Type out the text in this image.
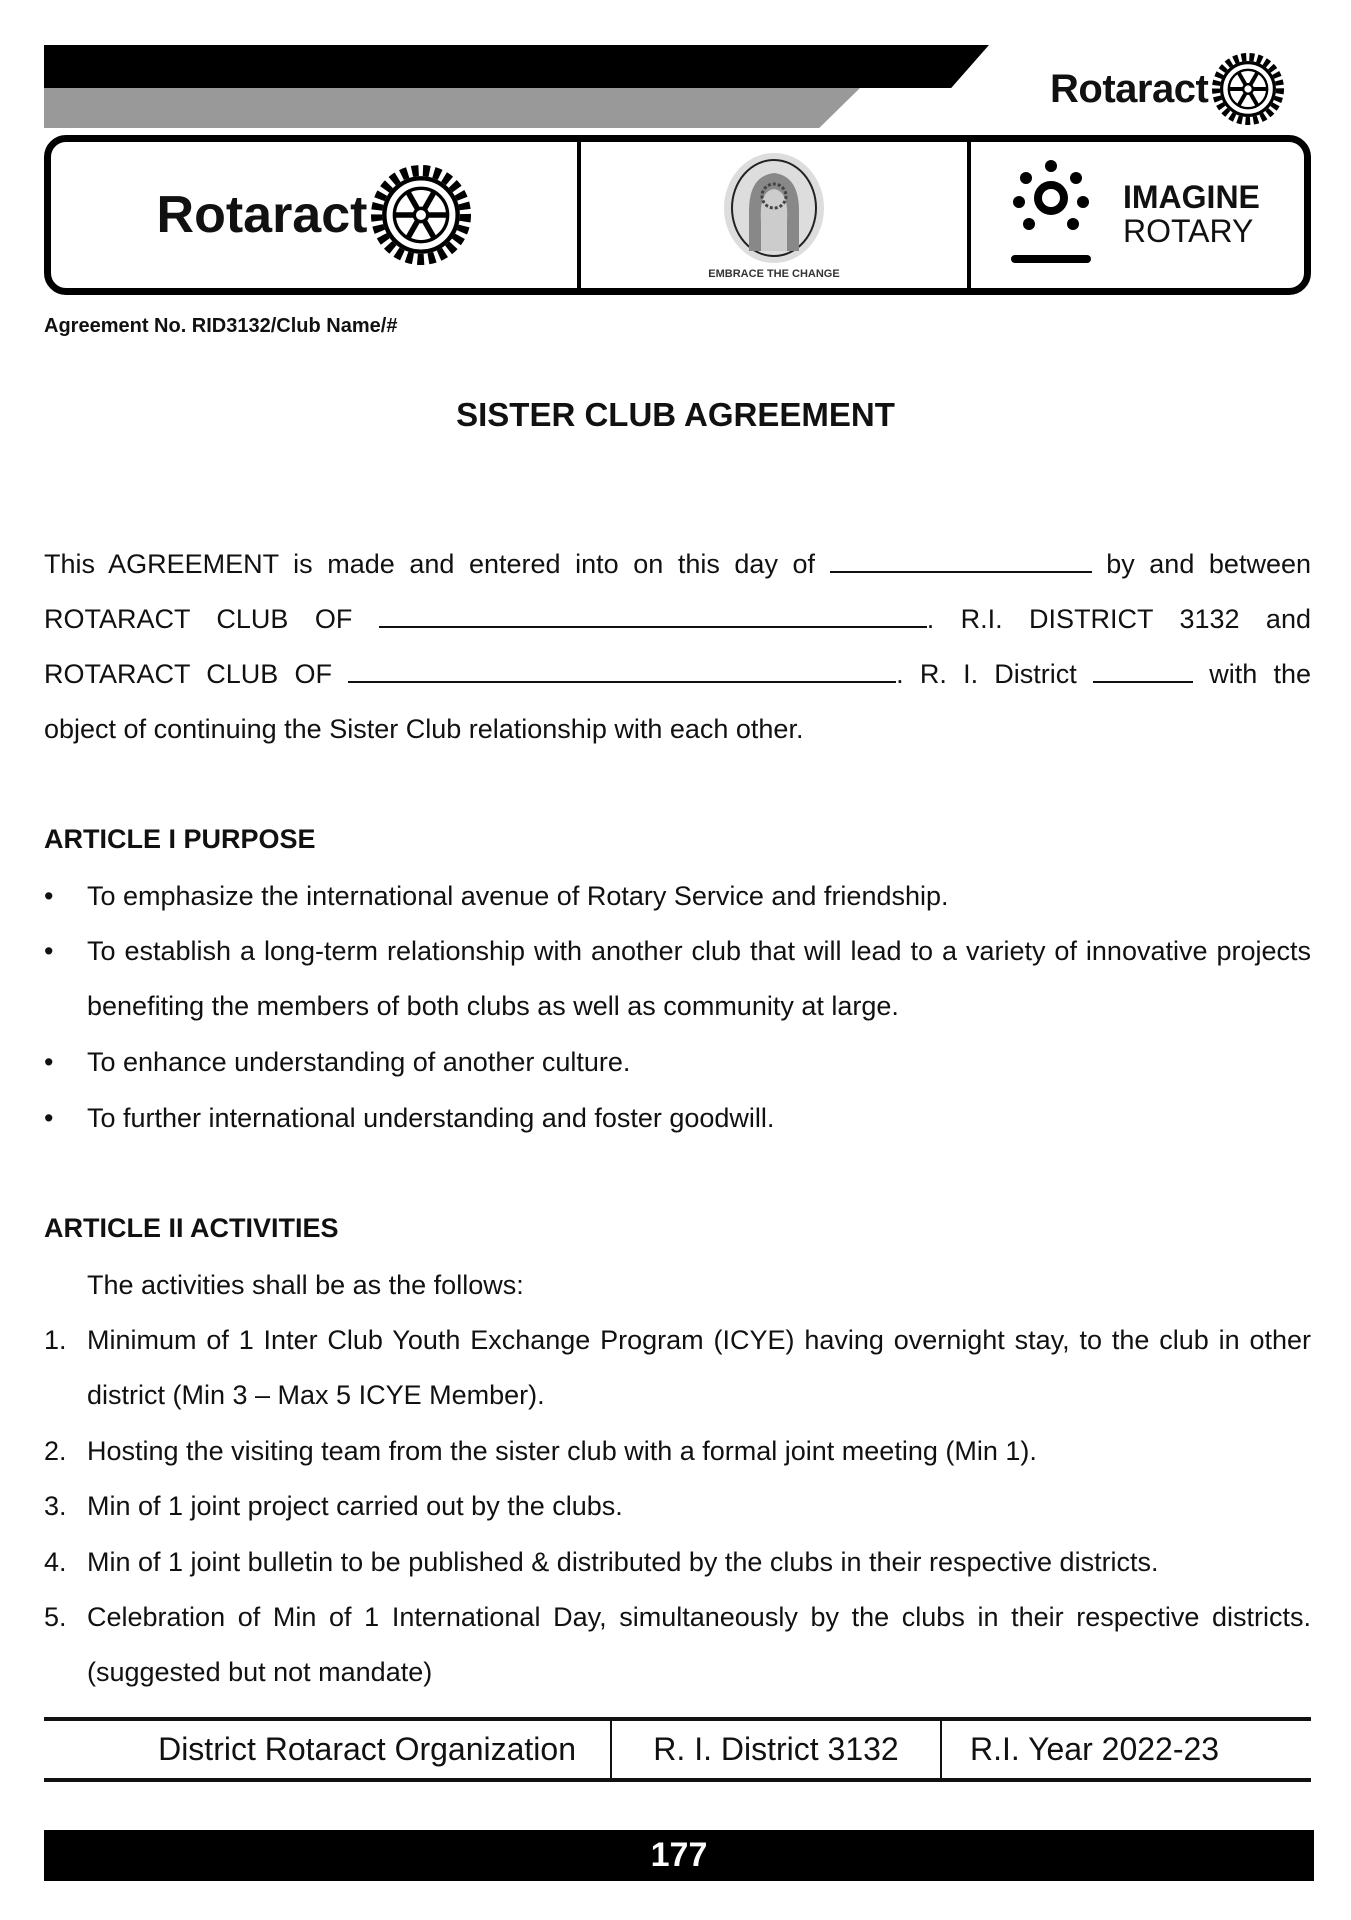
Rotaract
Rotaract
EMBRACE THE CHANGE
IMAGINE
ROTARY
Agreement No. RID3132/Club Name/#
SISTER CLUB AGREEMENT
This AGREEMENT is made and entered into on this day of	by and between ROTARACT CLUB OF	. R.I. DISTRICT 3132 and ROTARACT CLUB OF	. R. I. District	with the object of continuing the Sister Club relationship with each other.
ARTICLE I PURPOSE
•	To emphasize the international avenue of Rotary Service and friendship.
•	To establish a long-term relationship with another club that will lead to a variety of innovative projects benefiting the members of both clubs as well as community at large.
•	To enhance understanding of another culture.
•	To further international understanding and foster goodwill.
ARTICLE II ACTIVITIES
The activities shall be as the follows:
1. Minimum of 1 Inter Club Youth Exchange Program (ICYE) having overnight stay, to the club in other district (Min 3 – Max 5 ICYE Member).
2. Hosting the visiting team from the sister club with a formal joint meeting (Min 1).
3. Min of 1 joint project carried out by the clubs.
4. Min of 1 joint bulletin to be published & distributed by the clubs in their respective districts.
5. Celebration of Min of 1 International Day, simultaneously by the clubs in their respective districts. (suggested but not mandate)
District Rotaract Organization	R. I. District 3132	R.I. Year 2022-23
177
